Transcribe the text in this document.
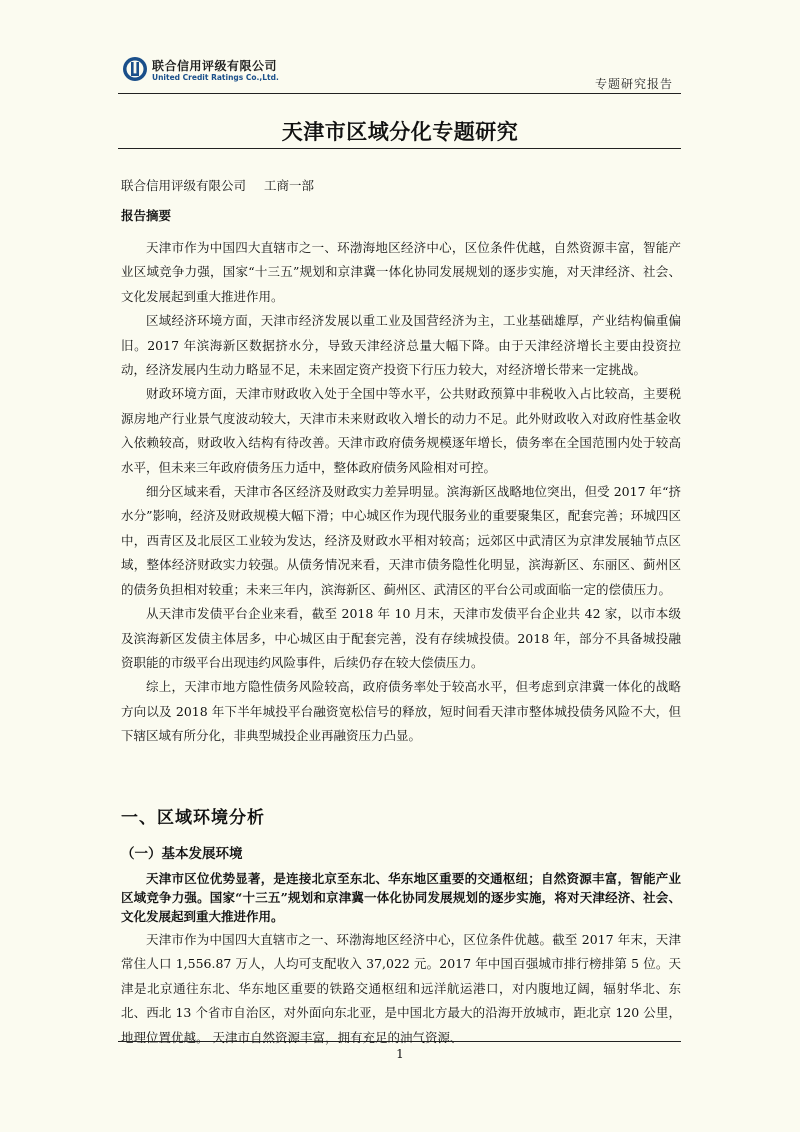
联合信用评级有限公司
United Credit Ratings Co.,Ltd.	专题研究报告
天津市区域分化专题研究
联合信用评级有限公司 工商一部
报告摘要

天津市作为中国四大直辖市之一、环渤海地区经济中心，区位条件优越，自然资源丰富，智能产业区域竞争力强，国家“十三五”规划和京津冀一体化协同发展规划的逐步实施，对天津经济、社会、文化发展起到重大推进作用。

区域经济环境方面，天津市经济发展以重工业及国营经济为主，工业基础雄厚，产业结构偏重偏旧。2017 年滨海新区数据挤水分，导致天津经济总量大幅下降。由于天津经济增长主要由投资拉动，经济发展内生动力略显不足，未来固定资产投资下行压力较大，对经济增长带来一定挑战。

财政环境方面，天津市财政收入处于全国中等水平，公共财政预算中非税收入占比较高，主要税源房地产行业景气度波动较大，天津市未来财政收入增长的动力不足。此外财政收入对政府性基金收入依赖较高，财政收入结构有待改善。天津市政府债务规模逐年增长，债务率在全国范围内处于较高水平，但未来三年政府债务压力适中，整体政府债务风险相对可控。

细分区域来看，天津市各区经济及财政实力差异明显。滨海新区战略地位突出，但受 2017 年“挤水分”影响，经济及财政规模大幅下滑；中心城区作为现代服务业的重要聚集区，配套完善；环城四区中，西青区及北辰区工业较为发达，经济及财政水平相对较高；远郊区中武清区为京津发展轴节点区域，整体经济财政实力较强。从债务情况来看，天津市债务隐性化明显，滨海新区、东丽区、蓟州区的债务负担相对较重；未来三年内，滨海新区、蓟州区、武清区的平台公司或面临一定的偿债压力。

从天津市发债平台企业来看，截至 2018 年 10 月末，天津市发债平台企业共 42 家，以市本级及滨海新区发债主体居多，中心城区由于配套完善，没有存续城投债。2018 年，部分不具备城投融资职能的市级平台出现违约风险事件，后续仍存在较大偿债压力。

综上，天津市地方隐性债务风险较高，政府债务率处于较高水平，但考虑到京津冀一体化的战略方向以及 2018 年下半年城投平台融资宽松信号的释放，短时间看天津市整体城投债务风险不大，但下辖区域有所分化，非典型城投企业再融资压力凸显。

一、区域环境分析
（一）基本发展环境

天津市区位优势显著，是连接北京至东北、华东地区重要的交通枢纽；自然资源丰富，智能产业区域竞争力强。国家“十三五”规划和京津冀一体化协同发展规划的逐步实施，将对天津经济、社会、文化发展起到重大推进作用。

天津市作为中国四大直辖市之一、环渤海地区经济中心，区位条件优越。截至 2017 年末，天津常住人口 1,556.87 万人，人均可支配收入 37,022 元。2017 年中国百强城市排行榜排第 5 位。天津是北京通往东北、华东地区重要的铁路交通枢纽和远洋航运港口，对内腹地辽阔，辐射华北、东北、西北 13 个省市自治区，对外面向东北亚，是中国北方最大的沿海开放城市，距北京 120 公里，地理位置优越。 天津市自然资源丰富，拥有充足的油气资源、

1
